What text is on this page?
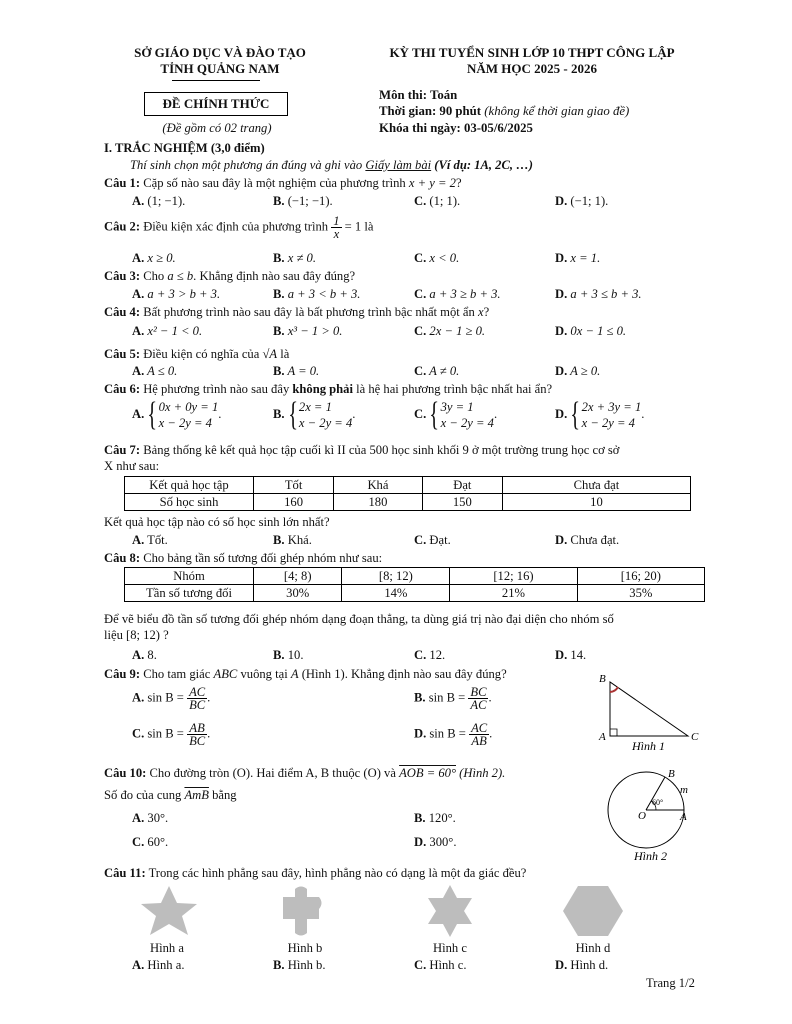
SỞ GIÁO DỤC VÀ ĐÀO TẠO
TỈNH QUẢNG NAM
ĐỀ CHÍNH THỨC
(Đề gồm có 02 trang)
KỲ THI TUYỂN SINH LỚP 10 THPT CÔNG LẬP
NĂM HỌC 2025 - 2026
Môn thi: Toán
Thời gian: 90 phút (không kể thời gian giao đề)
Khóa thi ngày: 03-05/6/2025
I. TRẮC NGHIỆM (3,0 điểm)
Thí sinh chọn một phương án đúng và ghi vào Giấy làm bài (Ví dụ: 1A, 2C, …)
Câu 1: Cặp số nào sau đây là một nghiệm của phương trình x + y = 2?
A. (1; −1).	B. (−1; −1).	C. (1; 1).	D. (−1; 1).
Câu 2: Điều kiện xác định của phương trình $\frac{1}{x} = 1$ là
A. x ≥ 0.	B. x ≠ 0.	C. x < 0.	D. x = 1.
Câu 3: Cho a ≤ b. Khẳng định nào sau đây đúng?
A. a + 3 > b + 3.	B. a + 3 < b + 3.	C. a + 3 ≥ b + 3.	D. a + 3 ≤ b + 3.
Câu 4: Bất phương trình nào sau đây là bất phương trình bậc nhất một ẩn x?
A. x² − 1 < 0.	B. x³ − 1 > 0.	C. 2x − 1 ≥ 0.	D. 0x − 1 ≤ 0.
Câu 5: Điều kiện có nghĩa của √A là
A. A ≤ 0.	B. A = 0.	C. A ≠ 0.	D. A ≥ 0.
Câu 6: Hệ phương trình nào sau đây không phải là hệ hai phương trình bậc nhất hai ẩn?
A.{0x + 0y = 1
x − 2y = 4.	B.{2x = 1
x − 2y = 4.	C.{3y = 1
x − 2y = 4.	D.{2x + 3y = 1
x − 2y = 4.
Câu 7: Bảng thống kê kết quả học tập cuối kì II của 500 học sinh khối 9 ở một trường trung học cơ sở
X như sau:
Kết quả học tập	Tốt	Khá	Đạt	Chưa đạt
Số học sinh	160	180	150	10
Kết quả học tập nào có số học sinh lớn nhất?
A. Tốt.	B. Khá.	C. Đạt.	D. Chưa đạt.
Câu 8: Cho bảng tần số tương đối ghép nhóm như sau:
Nhóm	[4; 8)	[8; 12)	[12; 16)	[16; 20)
Tần số tương đối	30%	14%	21%	35%
Để vẽ biểu đồ tần số tương đối ghép nhóm dạng đoạn thẳng, ta dùng giá trị nào đại diện cho nhóm số
liệu [8; 12) ?
A. 8.	B. 10.	C. 12.	D. 14.
Câu 9: Cho tam giác ABC vuông tại A (Hình 1). Khẳng định nào sau đây đúng?
A. $\sin B = \frac{AC}{BC}$ .	B. $\sin B = \frac{BC}{AC}$ .
C. $\sin B = \frac{AB}{BC}$ .	D. $\sin B = \frac{AC}{AB}$ .
B
A	C
Hình 1
Câu 10: Cho đường tròn (O). Hai điểm A, B thuộc (O) và AOB = 60° (Hình 2).
Số đo của cung $\overline{AmB}$ bằng
A. 30°.	B. 120°.
C. 60°.	D. 300°.
60°
O	A
B
m
Hình 2
Câu 11: Trong các hình phẳng sau đây, hình phẳng nào có dạng là một đa giác đều?
Hình a	Hình b	Hình c	Hình d
A. Hình a.	B. Hình b.	C. Hình c.	D. Hình d.
Trang 1/2
